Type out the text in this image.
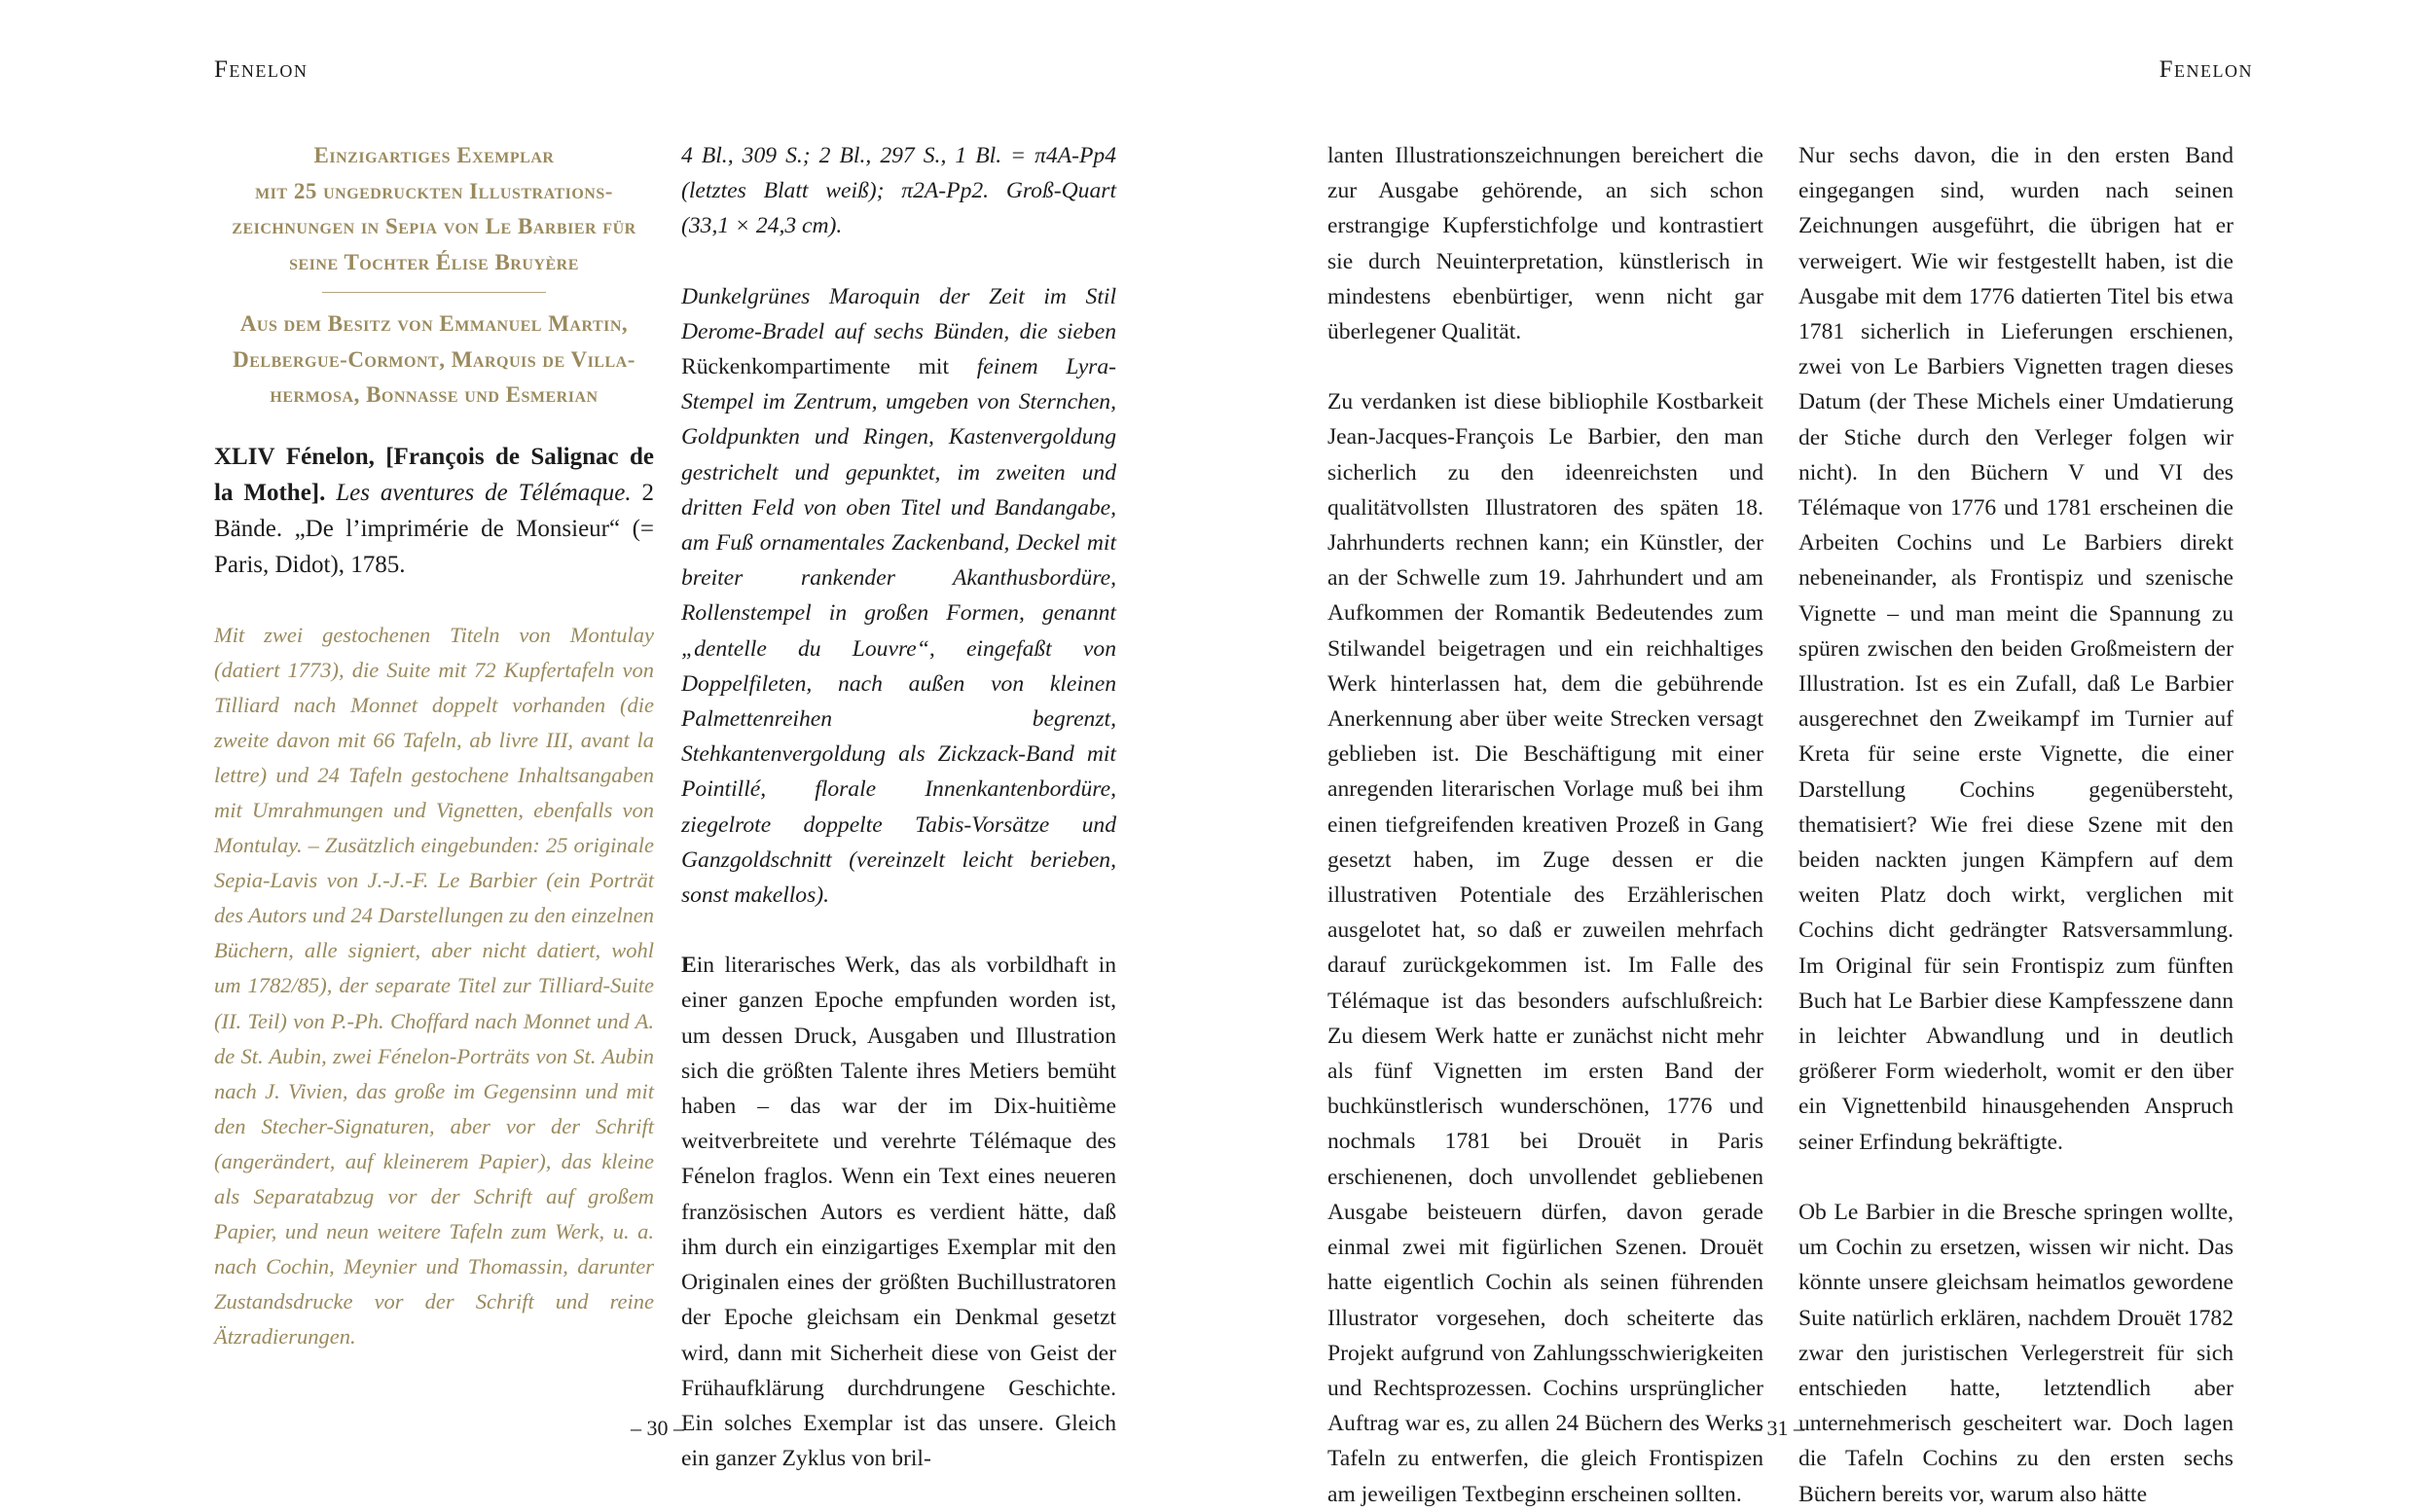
Fenelon	Fenelon
Einzigartiges Exemplar
mit 25 ungedruckten Illustrations-
zeichnungen in Sepia von Le Barbier für
seine Tochter Élise Bruyère
Aus dem Besitz von Emmanuel Martin,
Delbergue-Cormont, Marquis de Villa-
hermosa, Bonnasse und Esmerian

XLIV Fénelon, [François de Salignac de la Mothe]. Les aventures de Télémaque. 2 Bände. „De l’imprimérie de Monsieur“ (= Paris, Didot), 1785.

Mit zwei gestochenen Titeln von Montulay (datiert 1773), die Suite mit 72 Kupfertafeln von Tilliard nach Monnet doppelt vorhanden (die zweite davon mit 66 Tafeln, ab livre III, avant la lettre) und 24 Tafeln gestochene Inhaltsangaben mit Umrahmungen und Vignetten, ebenfalls von Montulay. – Zusätzlich eingebunden: 25 originale Sepia-Lavis von J.-J.-F. Le Barbier (ein Porträt des Autors und 24 Darstellungen zu den einzelnen Büchern, alle signiert, aber nicht datiert, wohl um 1782/85), der separate Titel zur Tilliard-Suite (II. Teil) von P.-Ph. Choffard nach Monnet und A. de St. Aubin, zwei Fénelon-Porträts von St. Aubin nach J. Vivien, das große im Gegensinn und mit den Stecher-Signaturen, aber vor der Schrift (angerändert, auf kleinerem Papier), das kleine als Separatabzug vor der Schrift auf großem Papier, und neun weitere Tafeln zum Werk, u. a. nach Cochin, Meynier und Thomassin, darunter Zustandsdrucke vor der Schrift und reine Ätzradierungen.

4 Bl., 309 S.; 2 Bl., 297 S., 1 Bl. = π4A-Pp4 (letztes Blatt weiß); π2A-Pp2. Groß-Quart (33,1 × 24,3 cm).

Dunkelgrünes Maroquin der Zeit im Stil Derome-Bradel auf sechs Bünden, die sieben Rückenkompartimente mit feinem Lyra-Stempel im Zentrum, umgeben von Sternchen, Goldpunkten und Ringen, Kastenvergoldung gestrichelt und gepunktet, im zweiten und dritten Feld von oben Titel und Bandangabe, am Fuß ornamentales Zackenband, Deckel mit breiter rankender Akanthusbordüre, Rollenstempel in großen Formen, genannt „dentelle du Louvre“, eingefaßt von Doppelfileten, nach außen von kleinen Palmettenreihen begrenzt, Stehkantenvergoldung als Zickzack-Band mit Pointillé, florale Innenkantenbordüre, ziegelrote doppelte Tabis-Vorsätze und Ganzgoldschnitt (vereinzelt leicht berieben, sonst makellos).

Ein literarisches Werk, das als vorbildhaft in einer ganzen Epoche empfunden worden ist, um dessen Druck, Ausgaben und Illustration sich die größten Talente ihres Metiers bemüht haben – das war der im Dix-huitième weitverbreitete und verehrte Télémaque des Fénelon fraglos. Wenn ein Text eines neueren französischen Autors es verdient hätte, daß ihm durch ein einzigartiges Exemplar mit den Originalen eines der größten Buchillustratoren der Epoche gleichsam ein Denkmal gesetzt wird, dann mit Sicherheit diese von Geist der Frühaufklärung durchdrungene Geschichte. Ein solches Exemplar ist das unsere. Gleich ein ganzer Zyklus von bril-

lanten Illustrationszeichnungen bereichert die zur Ausgabe gehörende, an sich schon erstrangige Kupferstichfolge und kontrastiert sie durch Neuinterpretation, künstlerisch in mindestens ebenbürtiger, wenn nicht gar überlegener Qualität.

Zu verdanken ist diese bibliophile Kostbarkeit Jean-Jacques-François Le Barbier, den man sicherlich zu den ideenreichsten und qualitätvollsten Illustratoren des späten 18. Jahrhunderts rechnen kann; ein Künstler, der an der Schwelle zum 19. Jahrhundert und am Aufkommen der Romantik Bedeutendes zum Stilwandel beigetragen und ein reichhaltiges Werk hinterlassen hat, dem die gebührende Anerkennung aber über weite Strecken versagt geblieben ist. Die Beschäftigung mit einer anregenden literarischen Vorlage muß bei ihm einen tiefgreifenden kreativen Prozeß in Gang gesetzt haben, im Zuge dessen er die illustrativen Potentiale des Erzählerischen ausgelotet hat, so daß er zuweilen mehrfach darauf zurückgekommen ist. Im Falle des Télémaque ist das besonders aufschlußreich: Zu diesem Werk hatte er zunächst nicht mehr als fünf Vignetten im ersten Band der buchkünstlerisch wunderschönen, 1776 und nochmals 1781 bei Drouët in Paris erschienenen, doch unvollendet gebliebenen Ausgabe beisteuern dürfen, davon gerade einmal zwei mit figürlichen Szenen. Drouët hatte eigentlich Cochin als seinen führenden Illustrator vorgesehen, doch scheiterte das Projekt aufgrund von Zahlungsschwierigkeiten und Rechtsprozessen. Cochins ursprünglicher Auftrag war es, zu allen 24 Büchern des Werks Tafeln zu entwerfen, die gleich Frontispizen am jeweiligen Textbeginn erscheinen sollten.

Nur sechs davon, die in den ersten Band eingegangen sind, wurden nach seinen Zeichnungen ausgeführt, die übrigen hat er verweigert. Wie wir festgestellt haben, ist die Ausgabe mit dem 1776 datierten Titel bis etwa 1781 sicherlich in Lieferungen erschienen, zwei von Le Barbiers Vignetten tragen dieses Datum (der These Michels einer Umdatierung der Stiche durch den Verleger folgen wir nicht). In den Büchern V und VI des Télémaque von 1776 und 1781 erscheinen die Arbeiten Cochins und Le Barbiers direkt nebeneinander, als Frontispiz und szenische Vignette – und man meint die Spannung zu spüren zwischen den beiden Großmeistern der Illustration. Ist es ein Zufall, daß Le Barbier ausgerechnet den Zweikampf im Turnier auf Kreta für seine erste Vignette, die einer Darstellung Cochins gegenübersteht, thematisiert? Wie frei diese Szene mit den beiden nackten jungen Kämpfern auf dem weiten Platz doch wirkt, verglichen mit Cochins dicht gedrängter Ratsversammlung. Im Original für sein Frontispiz zum fünften Buch hat Le Barbier diese Kampfesszene dann in leichter Abwandlung und in deutlich größerer Form wiederholt, womit er den über ein Vignettenbild hinausgehenden Anspruch seiner Erfindung bekräftigte.

Ob Le Barbier in die Bresche springen wollte, um Cochin zu ersetzen, wissen wir nicht. Das könnte unsere gleichsam heimatlos gewordene Suite natürlich erklären, nachdem Drouët 1782 zwar den juristischen Verlegerstreit für sich entschieden hatte, letztendlich aber unternehmerisch gescheitert war. Doch lagen die Tafeln Cochins zu den ersten sechs Büchern bereits vor, warum also hätte

– 30 –	– 31 –
